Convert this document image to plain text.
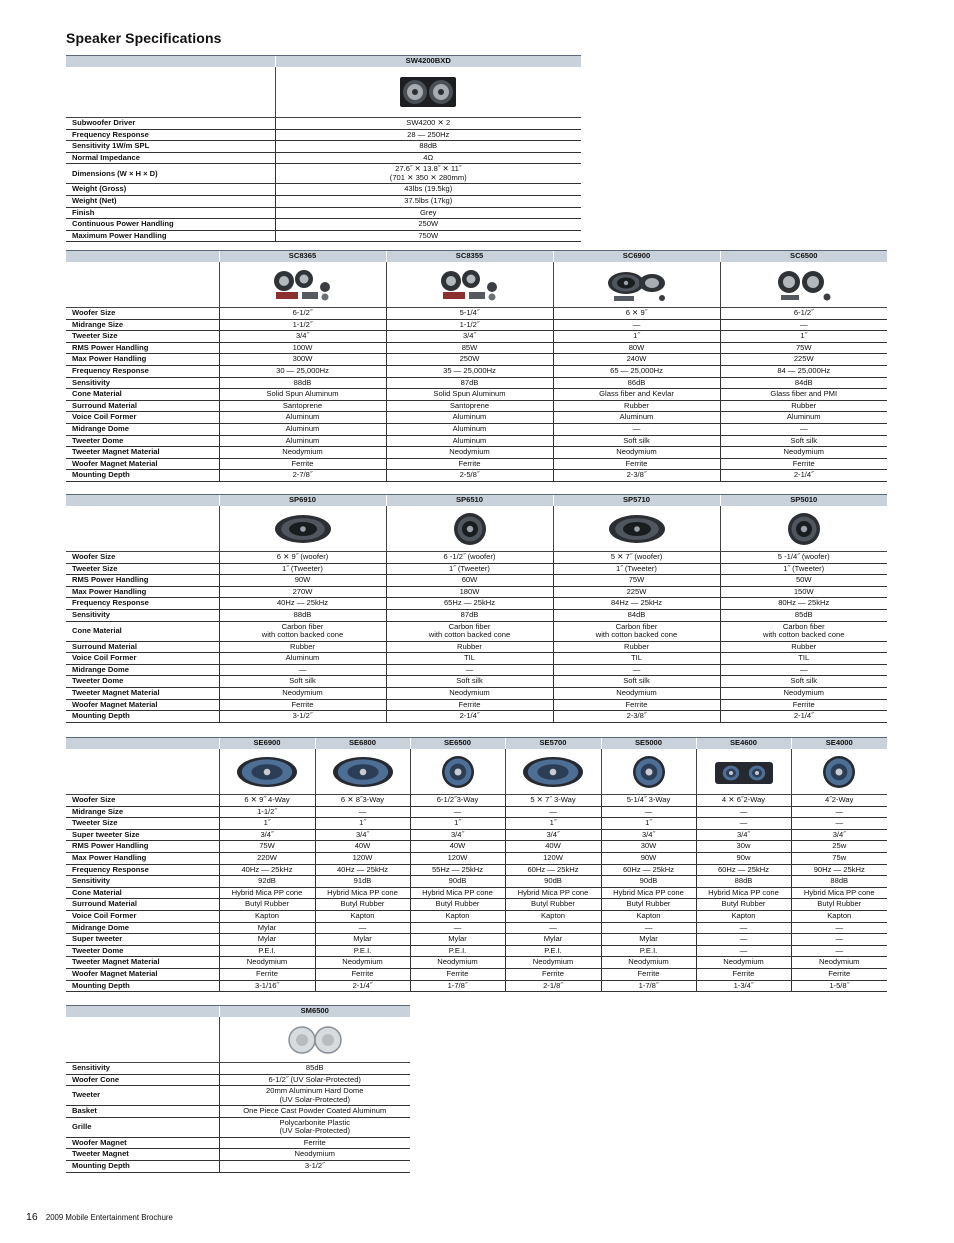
Speaker Specifications
	SW4200BXD

Subwoofer Driver	SW4200 ✕ 2
Frequency Response	28 — 250Hz
Sensitivity 1W/m SPL	88dB
Normal Impedance	4Ω
Dimensions (W × H × D)	27.6˝ ✕ 13.8˝ ✕ 11˝
(701 ✕ 350 ✕ 280mm)
Weight (Gross)	43lbs (19.5kg)
Weight (Net)	37.5lbs (17kg)
Finish	Grey
Continuous Power Handling	250W
Maximum Power Handling	750W
	SC8365	SC8355	SC6900	SC6500

Woofer Size	6-1/2˝	5-1/4˝	6 ✕ 9˝	6-1/2˝
Midrange Size	1-1/2˝	1-1/2˝	—	—
Tweeter Size	3/4˝	3/4˝	1˝	1˝
RMS Power Handling	100W	85W	80W	75W
Max Power Handling	300W	250W	240W	225W
Frequency Response	30 — 25,000Hz	35 — 25,000Hz	65 — 25,000Hz	84 — 25,000Hz
Sensitivity	88dB	87dB	86dB	84dB
Cone Material	Solid Spun Aluminum	Solid Spun Aluminum	Glass fiber and Kevlar	Glass fiber and PMI
Surround Material	Santoprene	Santoprene	Rubber	Rubber
Voice Coil Former	Aluminum	Aluminum	Aluminum	Aluminum
Midrange Dome	Aluminum	Aluminum	—	—
Tweeter Dome	Aluminum	Aluminum	Soft silk	Soft silk
Tweeter Magnet Material	Neodymium	Neodymium	Neodymium	Neodymium
Woofer Magnet Material	Ferrite	Ferrite	Ferrite	Ferrite
Mounting Depth	2-7/8˝	2-5/8˝	2-3/8˝	2-1/4˝
	SP6910	SP6510	SP5710	SP5010

Woofer Size	6 ✕ 9˝ (woofer)	6 -1/2˝ (woofer)	5 ✕ 7˝ (woofer)	5 -1/4˝ (woofer)
Tweeter Size	1˝ (Tweeter)	1˝ (Tweeter)	1˝ (Tweeter)	1˝ (Tweeter)
RMS Power Handling	90W	60W	75W	50W
Max Power Handling	270W	180W	225W	150W
Frequency Response	40Hz — 25kHz	65Hz — 25kHz	84Hz — 25kHz	80Hz — 25kHz
Sensitivity	88dB	87dB	84dB	85dB
Cone Material	Carbon fiber
with cotton backed cone	Carbon fiber
with cotton backed cone	Carbon fiber
with cotton backed cone	Carbon fiber
with cotton backed cone
Surround Material	Rubber	Rubber	Rubber	Rubber
Voice Coil Former	Aluminum	TIL	TIL	TIL
Midrange Dome	—	—	—	—
Tweeter Dome	Soft silk	Soft silk	Soft silk	Soft silk
Tweeter Magnet Material	Neodymium	Neodymium	Neodymium	Neodymium
Woofer Magnet Material	Ferrite	Ferrite	Ferrite	Ferrite
Mounting Depth	3-1/2˝	2-1/4˝	2-3/8˝	2-1/4˝
	SE6900	SE6800	SE6500	SE5700	SE5000	SE4600	SE4000

Woofer Size	6 ✕ 9˝ 4-Way	6 ✕ 8˝3-Way	6-1/2˝3-Way	5 ✕ 7˝ 3-Way	5-1/4˝ 3-Way	4 ✕ 6˝2-Way	4˝2-Way
Midrange Size	1-1/2˝	—	—	—	—	—	—
Tweeter Size	1˝	1˝	1˝	1˝	1˝	—	—
Super tweeter Size	3/4˝	3/4˝	3/4˝	3/4˝	3/4˝	3/4˝	3/4˝
RMS Power Handling	75W	40W	40W	40W	30W	30w	25w
Max Power Handling	220W	120W	120W	120W	90W	90w	75w
Frequency Response	40Hz — 25kHz	40Hz — 25kHz	55Hz — 25kHz	60Hz — 25kHz	60Hz — 25kHz	60Hz — 25kHz	90Hz — 25kHz
Sensitivity	92dB	91dB	90dB	90dB	90dB	88dB	88dB
Cone Material	Hybrid Mica PP cone	Hybrid Mica PP cone	Hybrid Mica PP cone	Hybrid Mica PP cone	Hybrid Mica PP cone	Hybrid Mica PP cone	Hybrid Mica PP cone
Surround Material	Butyl Rubber	Butyl Rubber	Butyl Rubber	Butyl Rubber	Butyl Rubber	Butyl Rubber	Butyl Rubber
Voice Coil Former	Kapton	Kapton	Kapton	Kapton	Kapton	Kapton	Kapton
Midrange Dome	Mylar	—	—	—	—	—	—
Super tweeter	Mylar	Mylar	Mylar	Mylar	Mylar	—	—
Tweeter Dome	P.E.I.	P.E.I.	P.E.I.	P.E.I.	P.E.I.	—	—
Tweeter Magnet Material	Neodymium	Neodymium	Neodymium	Neodymium	Neodymium	Neodymium	Neodymium
Woofer Magnet Material	Ferrite	Ferrite	Ferrite	Ferrite	Ferrite	Ferrite	Ferrite
Mounting Depth	3-1/16˝	2-1/4˝	1-7/8˝	2-1/8˝	1-7/8˝	1-3/4˝	1-5/8˝
	SM6500

Sensitivity	85dB
Woofer Cone	6-1/2˝ (UV Solar-Protected)
Tweeter	20mm Aluminum Hard Dome
(UV Solar-Protected)
Basket	One Piece Cast Powder Coated Aluminum
Grille	Polycarbonite Plastic
(UV Solar-Protected)
Woofer Magnet	Ferrite
Tweeter Magnet	Neodymium
Mounting Depth	3-1/2˝
16 2009 Mobile Entertainment Brochure
